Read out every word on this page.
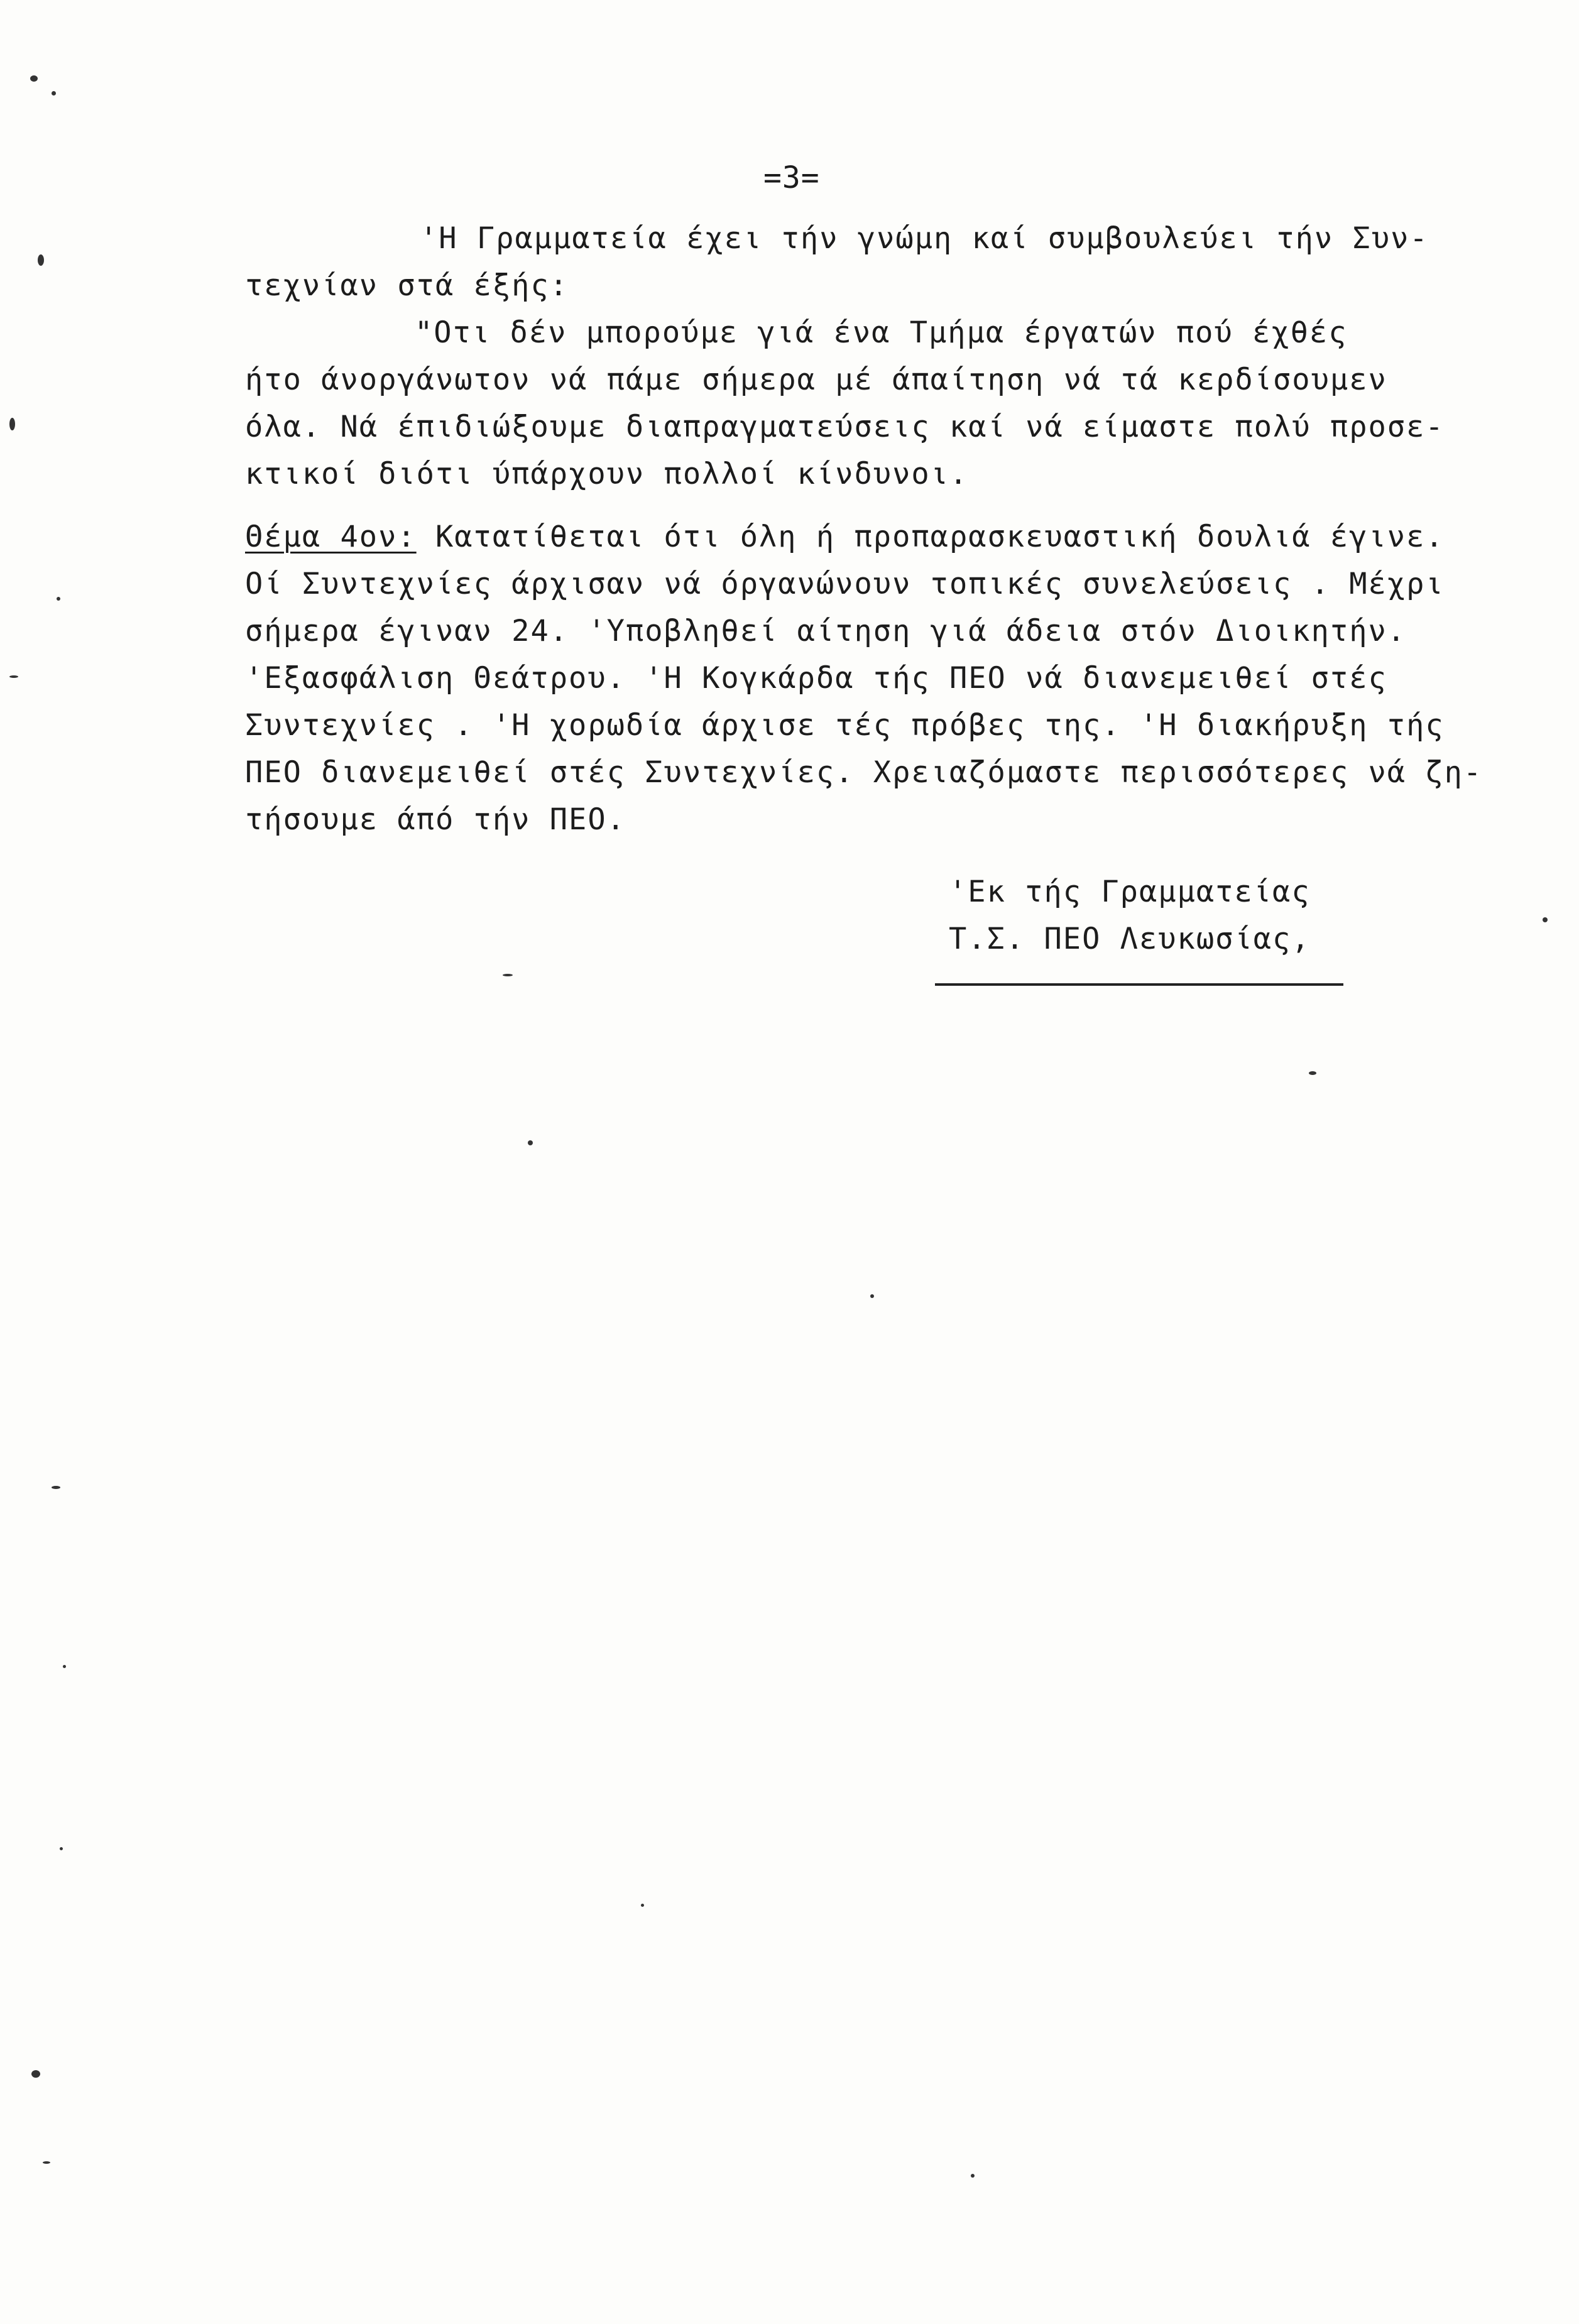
=3=
'Η Γραμματεία έχει τήν γνώμη καί συμβουλεύει τήν Συν-
τεχνίαν στά έξής:
"Οτι δέν μπορούμε γιά ένα Τμήμα έργατών πού έχθές
ήτο άνοργάνωτον νά πάμε σήμερα μέ άπαίτηση νά τά κερδίσουμεν
όλα. Νά έπιδιώξουμε διαπραγματεύσεις καί νά είμαστε πολύ προσε-
κτικοί διότι ύπάρχουν πολλοί κίνδυνοι.
Θέμα 4ον: Κατατίθεται ότι όλη ή προπαρασκευαστική δουλιά έγινε.
Οί Συντεχνίες άρχισαν νά όργανώνουν τοπικές συνελεύσεις . Μέχρι
σήμερα έγιναν 24. 'Υποβληθεί αίτηση γιά άδεια στόν Διοικητήν.
'Εξασφάλιση Θεάτρου. 'Η Κογκάρδα τής ΠΕΟ νά διανεμειθεί στές
Συντεχνίες . 'Η χορωδία άρχισε τές πρόβες της. 'Η διακήρυξη τής
ΠΕΟ διανεμειθεί στές Συντεχνίες. Χρειαζόμαστε περισσότερες νά ζη-
τήσουμε άπό τήν ΠΕΟ.
'Εκ τής Γραμματείας
Τ.Σ. ΠΕΟ Λευκωσίας,
